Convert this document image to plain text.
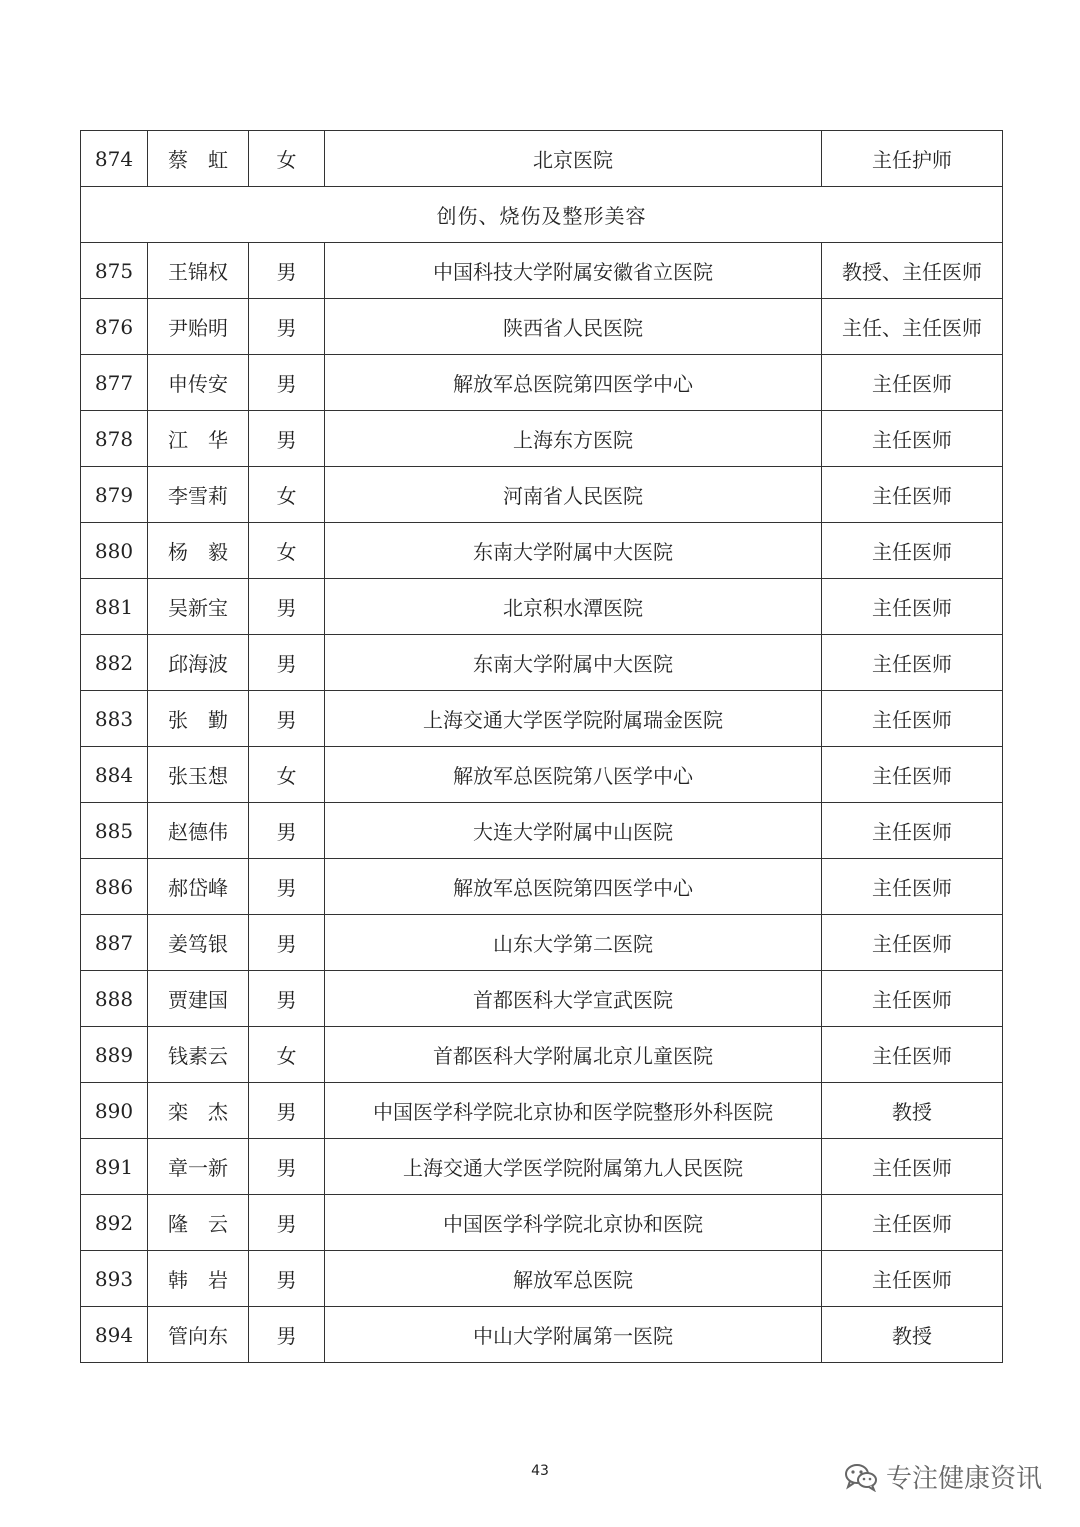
874	蔡　虹	女	北京医院	主任护师
创伤、烧伤及整形美容				
875	王锦权	男	中国科技大学附属安徽省立医院	教授、主任医师
876	尹贻明	男	陕西省人民医院	主任、主任医师
877	申传安	男	解放军总医院第四医学中心	主任医师
878	江　华	男	上海东方医院	主任医师
879	李雪莉	女	河南省人民医院	主任医师
880	杨　毅	女	东南大学附属中大医院	主任医师
881	吴新宝	男	北京积水潭医院	主任医师
882	邱海波	男	东南大学附属中大医院	主任医师
883	张　勤	男	上海交通大学医学院附属瑞金医院	主任医师
884	张玉想	女	解放军总医院第八医学中心	主任医师
885	赵德伟	男	大连大学附属中山医院	主任医师
886	郝岱峰	男	解放军总医院第四医学中心	主任医师
887	姜笃银	男	山东大学第二医院	主任医师
888	贾建国	男	首都医科大学宣武医院	主任医师
889	钱素云	女	首都医科大学附属北京儿童医院	主任医师
890	栾　杰	男	中国医学科学院北京协和医学院整形外科医院	教授
891	章一新	男	上海交通大学医学院附属第九人民医院	主任医师
892	隆　云	男	中国医学科学院北京协和医院	主任医师
893	韩　岩	男	解放军总医院	主任医师
894	管向东	男	中山大学附属第一医院	教授
43	专注健康资讯
